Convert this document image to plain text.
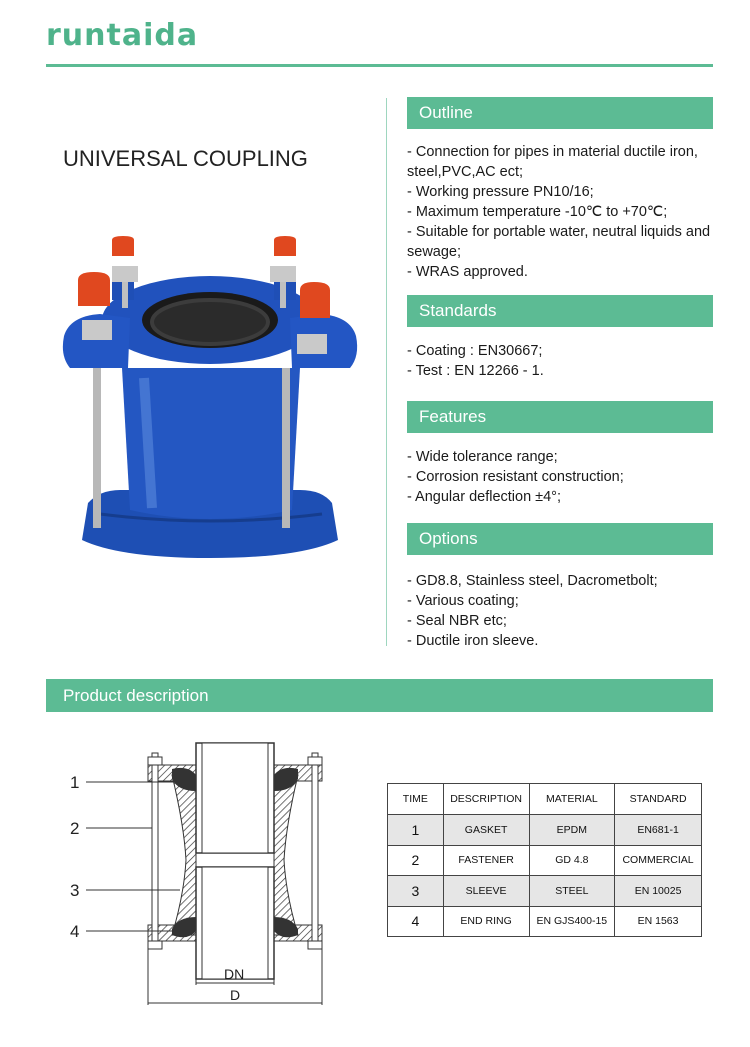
runtaida
UNIVERSAL COUPLING
Outline
- Connection for pipes in material ductile iron, steel,PVC,AC ect;
- Working pressure PN10/16;
- Maximum temperature -10℃ to +70℃;
- Suitable for portable water, neutral liquids and sewage;
- WRAS approved.
Standards
- Coating : EN30667;
- Test : EN 12266 - 1.
Features
- Wide tolerance range;
- Corrosion resistant construction;
- Angular deflection ±4°;
Options
- GD8.8, Stainless steel, Dacrometbolt;
- Various coating;
- Seal NBR etc;
- Ductile iron sleeve.
Product description
1
2
3
4
DN
D
TIME	DESCRIPTION	MATERIAL	STANDARD
1	GASKET	EPDM	EN681-1
2	FASTENER	GD 4.8	COMMERCIAL
3	SLEEVE	STEEL	EN 10025
4	END RING	EN GJS400-15	EN 1563
